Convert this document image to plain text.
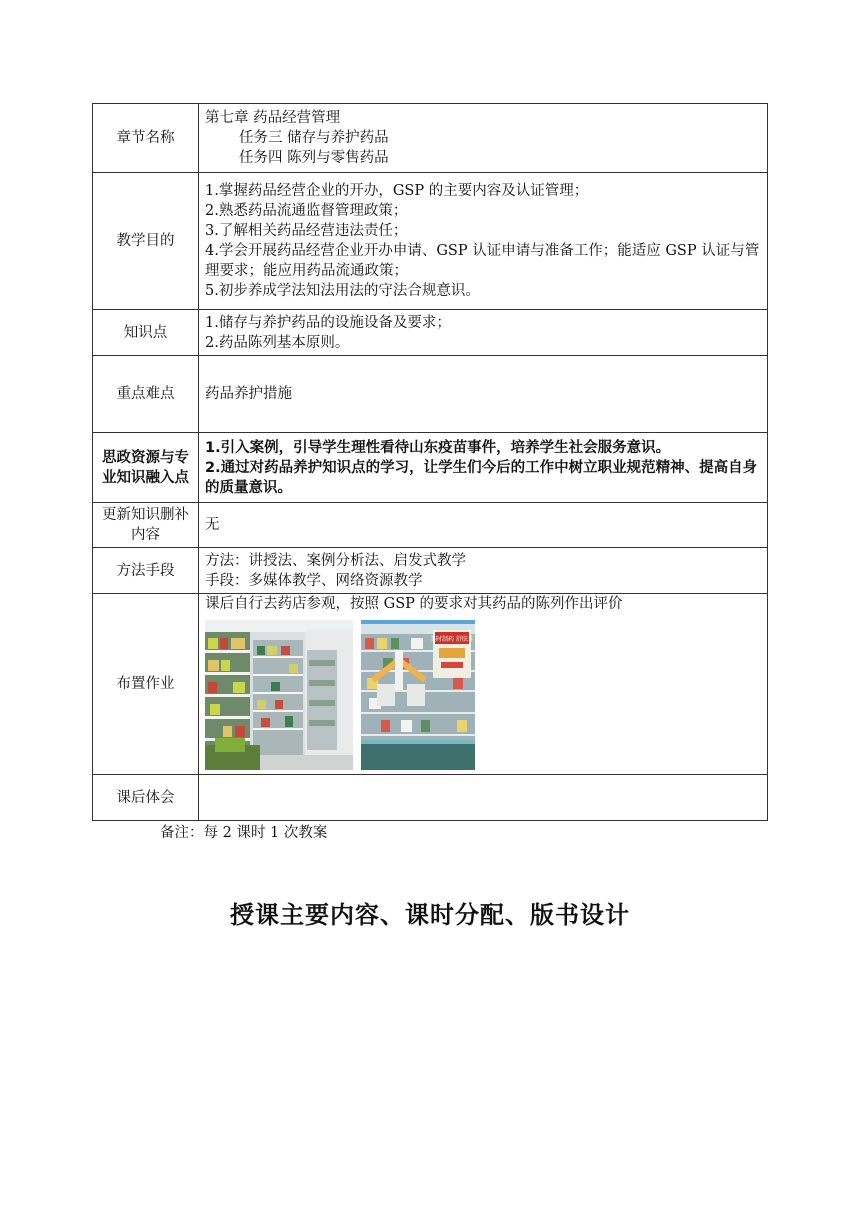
章节名称	第七章 药品经营管理
任务三 储存与养护药品
任务四 陈列与零售药品

教学目的	1.掌握药品经营企业的开办，GSP 的主要内容及认证管理；
2.熟悉药品流通监督管理政策；
3.了解相关药品经营违法责任；
4.学会开展药品经营企业开办申请、GSP 认证申请与准备工作；能适应 GSP 认证与管理要求；能应用药品流通政策；
5.初步养成学法知法用法的守法合规意识。

知识点	1.储存与养护药品的设施设备及要求；
2.药品陈列基本原则。

重点难点	药品养护措施
思政资源与专业知识融入点	1.引入案例，引导学生理性看待山东疫苗事件，培养学生社会服务意识。
2.通过对药品养护知识点的学习，让学生们今后的工作中树立职业规范精神、提高自身的质量意识。

更新知识删补内容	无
方法手段	方法：讲授法、案例分析法、启发式教学
手段：多媒体教学、网络资源教学

布置作业	课后自行去药店参观，按照 GSP 的要求对其药品的陈列作出评价
美时制药 舒肤佳

课后体会	
备注：每 2 课时 1 次教案
授课主要内容、课时分配、版书设计
